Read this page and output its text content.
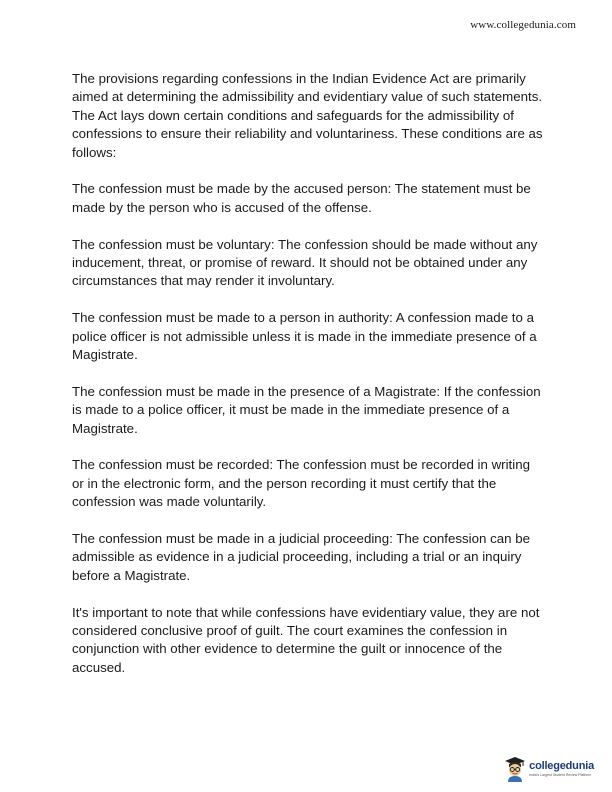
www.collegedunia.com

The provisions regarding confessions in the Indian Evidence Act are primarily aimed at determining the admissibility and evidentiary value of such statements. The Act lays down certain conditions and safeguards for the admissibility of confessions to ensure their reliability and voluntariness. These conditions are as follows:

The confession must be made by the accused person: The statement must be made by the person who is accused of the offense.

The confession must be voluntary: The confession should be made without any inducement, threat, or promise of reward. It should not be obtained under any circumstances that may render it involuntary.

The confession must be made to a person in authority: A confession made to a police officer is not admissible unless it is made in the immediate presence of a Magistrate.

The confession must be made in the presence of a Magistrate: If the confession is made to a police officer, it must be made in the immediate presence of a Magistrate.

The confession must be recorded: The confession must be recorded in writing or in the electronic form, and the person recording it must certify that the confession was made voluntarily.

The confession must be made in a judicial proceeding: The confession can be admissible as evidence in a judicial proceeding, including a trial or an inquiry before a Magistrate.

It's important to note that while confessions have evidentiary value, they are not considered conclusive proof of guilt. The court examines the confession in conjunction with other evidence to determine the guilt or innocence of the accused.

collegedunia
India's Largest Student Review Platform
